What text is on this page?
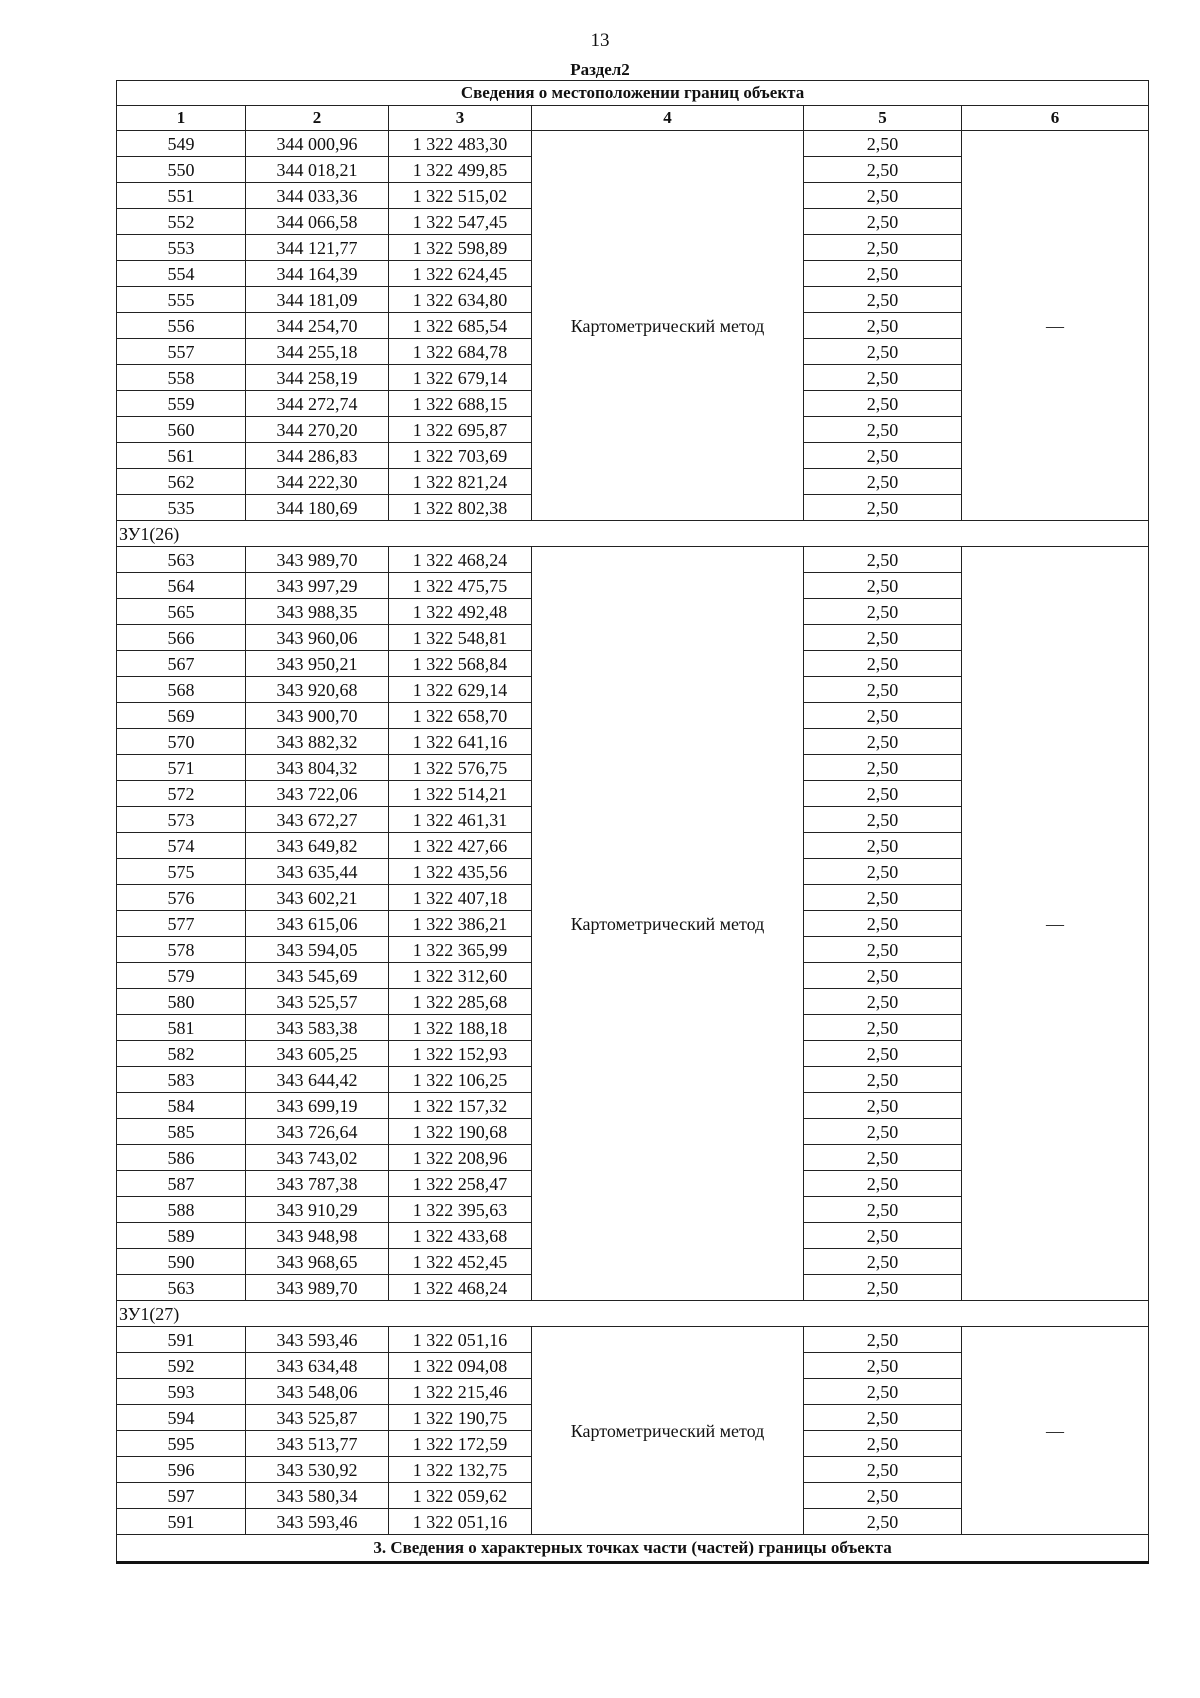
13
Раздел2
Сведения о местоположении границ объекта					
1	2	3	4	5	6
549	344 000,96	1 322 483,30	Картометрический метод	2,50	—
550	344 018,21	1 322 499,85		2,50	
551	344 033,36	1 322 515,02		2,50	
552	344 066,58	1 322 547,45		2,50	
553	344 121,77	1 322 598,89		2,50	
554	344 164,39	1 322 624,45		2,50	
555	344 181,09	1 322 634,80		2,50	
556	344 254,70	1 322 685,54		2,50	
557	344 255,18	1 322 684,78		2,50	
558	344 258,19	1 322 679,14		2,50	
559	344 272,74	1 322 688,15		2,50	
560	344 270,20	1 322 695,87		2,50	
561	344 286,83	1 322 703,69		2,50	
562	344 222,30	1 322 821,24		2,50	
535	344 180,69	1 322 802,38		2,50	
ЗУ1(26)					
563	343 989,70	1 322 468,24	Картометрический метод	2,50	—
564	343 997,29	1 322 475,75		2,50	
565	343 988,35	1 322 492,48		2,50	
566	343 960,06	1 322 548,81		2,50	
567	343 950,21	1 322 568,84		2,50	
568	343 920,68	1 322 629,14		2,50	
569	343 900,70	1 322 658,70		2,50	
570	343 882,32	1 322 641,16		2,50	
571	343 804,32	1 322 576,75		2,50	
572	343 722,06	1 322 514,21		2,50	
573	343 672,27	1 322 461,31		2,50	
574	343 649,82	1 322 427,66		2,50	
575	343 635,44	1 322 435,56		2,50	
576	343 602,21	1 322 407,18		2,50	
577	343 615,06	1 322 386,21		2,50	
578	343 594,05	1 322 365,99		2,50	
579	343 545,69	1 322 312,60		2,50	
580	343 525,57	1 322 285,68		2,50	
581	343 583,38	1 322 188,18		2,50	
582	343 605,25	1 322 152,93		2,50	
583	343 644,42	1 322 106,25		2,50	
584	343 699,19	1 322 157,32		2,50	
585	343 726,64	1 322 190,68		2,50	
586	343 743,02	1 322 208,96		2,50	
587	343 787,38	1 322 258,47		2,50	
588	343 910,29	1 322 395,63		2,50	
589	343 948,98	1 322 433,68		2,50	
590	343 968,65	1 322 452,45		2,50	
563	343 989,70	1 322 468,24		2,50	
ЗУ1(27)					
591	343 593,46	1 322 051,16	Картометрический метод	2,50	—
592	343 634,48	1 322 094,08		2,50	
593	343 548,06	1 322 215,46		2,50	
594	343 525,87	1 322 190,75		2,50	
595	343 513,77	1 322 172,59		2,50	
596	343 530,92	1 322 132,75		2,50	
597	343 580,34	1 322 059,62		2,50	
591	343 593,46	1 322 051,16		2,50	
3. Сведения о характерных точках части (частей) границы объекта					
